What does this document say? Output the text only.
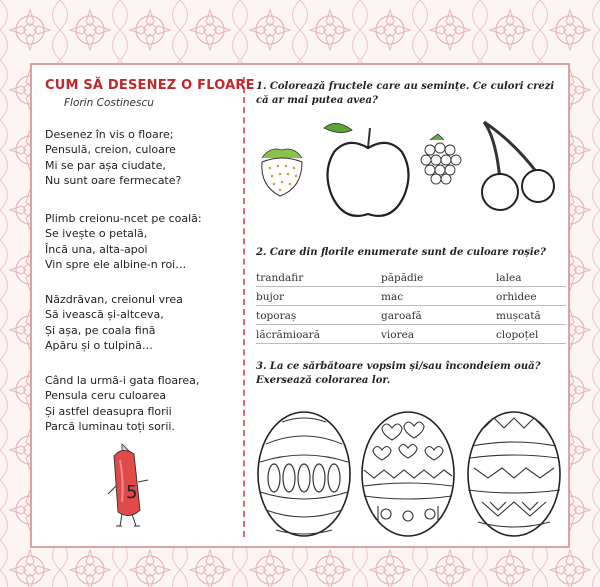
CUM SĂ DESENEZ O FLOARE
Florin Costinescu
Desenez în vis o floare;
Pensulă, creion, culoare
Mi se par așa ciudate,
Nu sunt oare fermecate?
Plimb creionu-ncet pe coală:
Se ivește o petală,
Încă una, alta-apoi
Vin spre ele albine-n roi…
Năzdrăvan, creionul vrea
Să ivească și-altceva,
Și așa, pe coala fină
Apăru și o tulpină…
Când la urmă-i gata floarea,
Pensula ceru culoarea
Și astfel deasupra florii
Parcă luminau toți sorii.
5
1. Colorează fructele care au semințe. Ce culori crezi că ar mai putea avea?
2. Care din florile enumerate sunt de culoare roșie?
trandafir	păpădie	lalea
bujor	mac	orhidee
toporaș	garoafă	mușcată
lăcrămioară	viorea	clopoțel
3. La ce sărbătoare vopsim și/sau încondeiem ouă? Exersează colorarea lor.
